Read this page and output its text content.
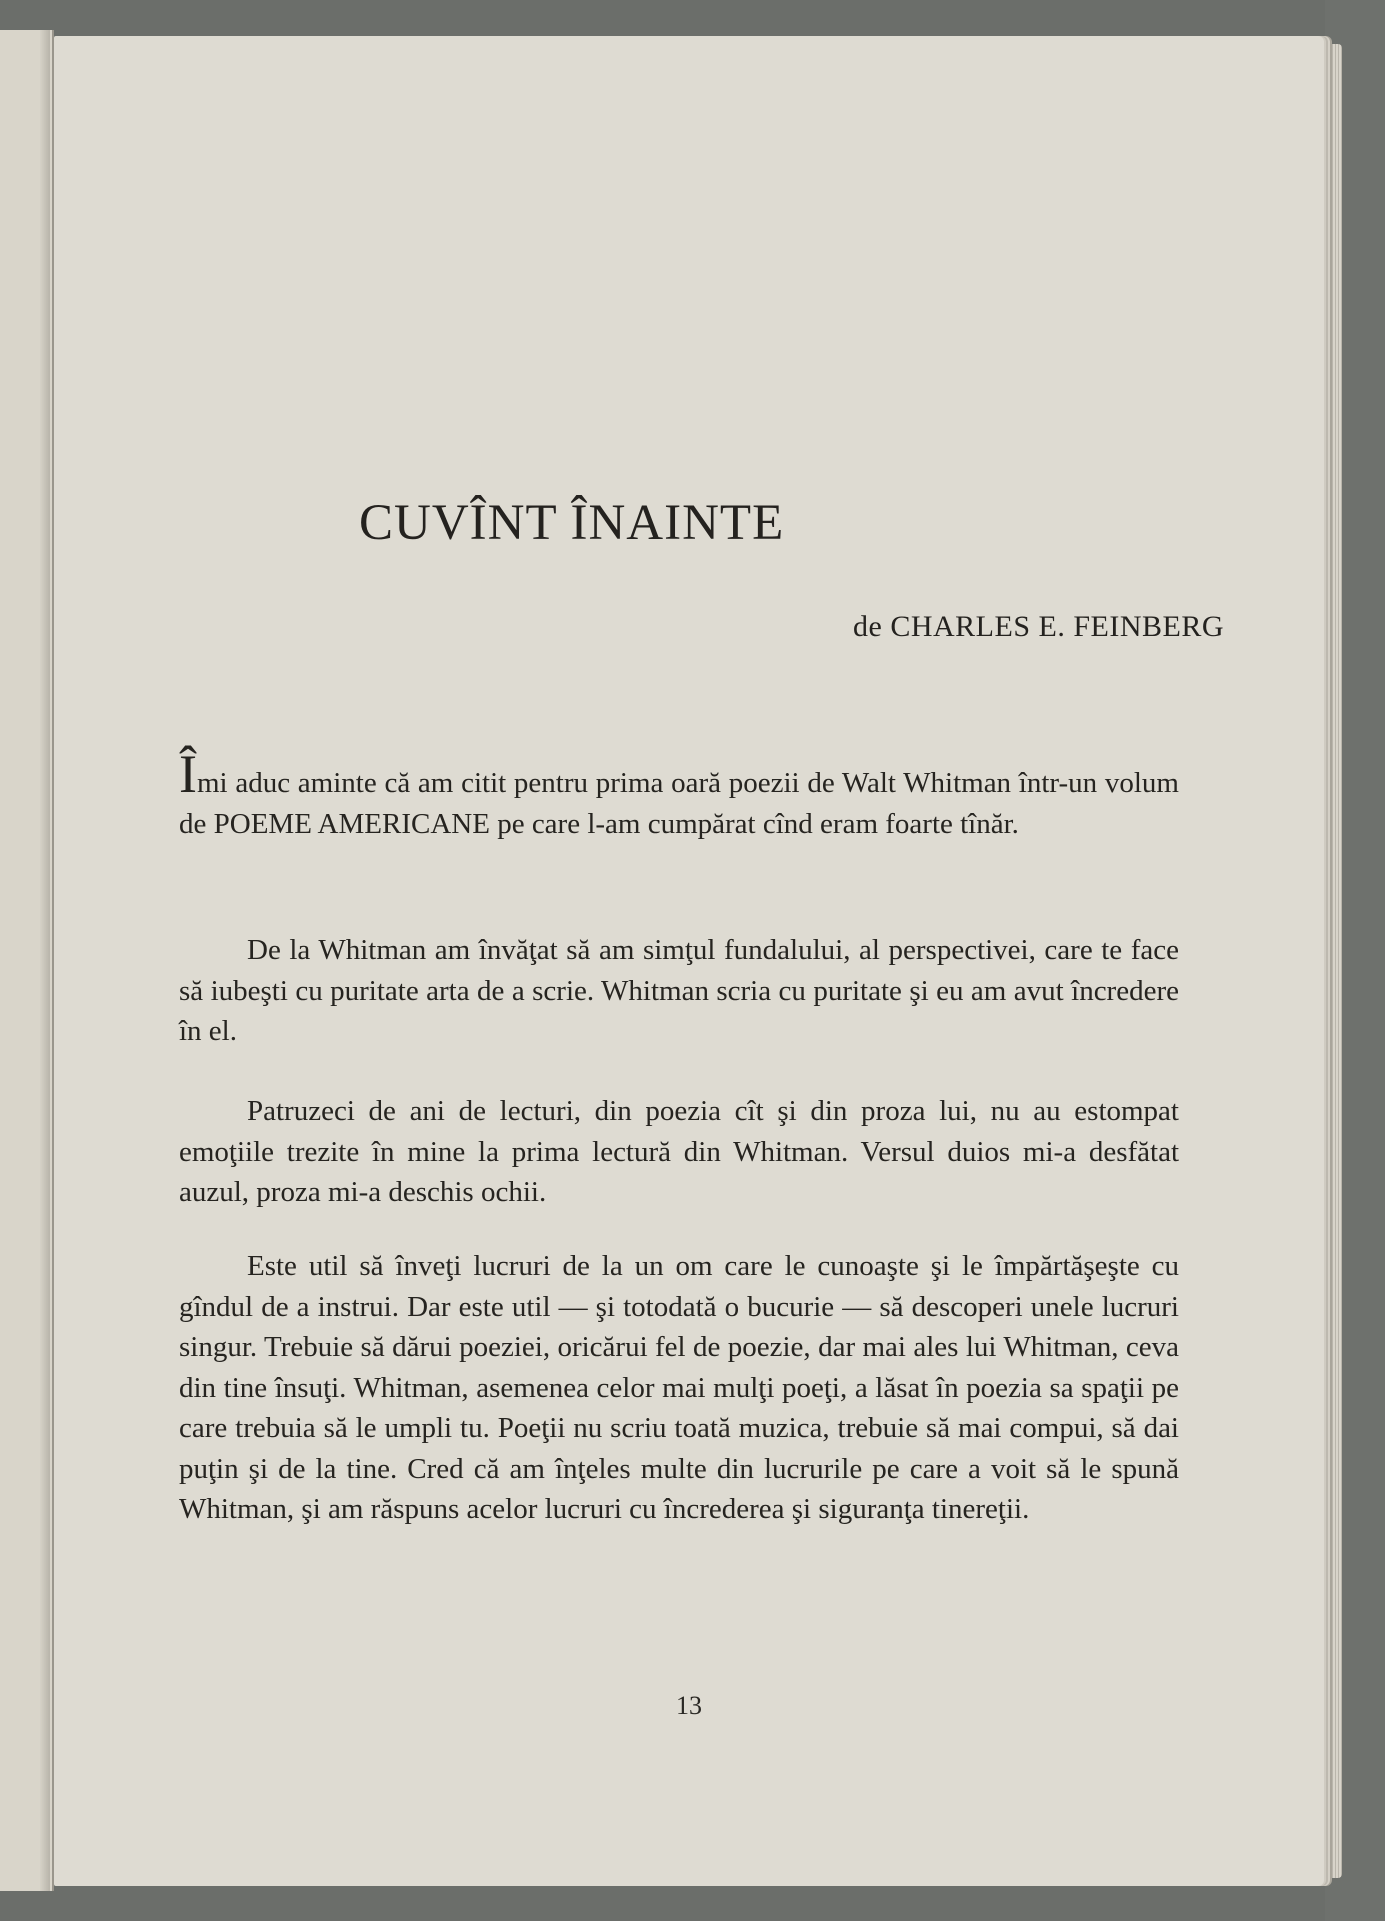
CUVÎNT ÎNAINTE
de CHARLES E. FEINBERG

Îmi aduc aminte că am citit pentru prima oară poezii de Walt Whitman într-un volum de POEME AMERICANE pe care l-am cumpărat cînd eram foarte tînăr.

De la Whitman am învăţat să am simţul fundalului, al perspectivei, care te face să iubeşti cu puritate arta de a scrie. Whitman scria cu puritate şi eu am avut încredere în el.

Patruzeci de ani de lecturi, din poezia cît şi din proza lui, nu au estompat emoţiile trezite în mine la prima lectură din Whitman. Versul duios mi-a desfătat auzul, proza mi-a deschis ochii.

Este util să înveţi lucruri de la un om care le cunoaşte şi le împărtăşeşte cu gîndul de a instrui. Dar este util — şi totodată o bucurie — să descoperi unele lucruri singur. Trebuie să dărui poeziei, oricărui fel de poezie, dar mai ales lui Whitman, ceva din tine însuţi. Whitman, asemenea celor mai mulţi poeţi, a lăsat în poezia sa spaţii pe care trebuia să le umpli tu. Poeţii nu scriu toată muzica, trebuie să mai compui, să dai puţin şi de la tine. Cred că am înţeles multe din lucrurile pe care a voit să le spună Whitman, şi am răspuns acelor lucruri cu încrederea şi siguranţa tinereţii.

13
